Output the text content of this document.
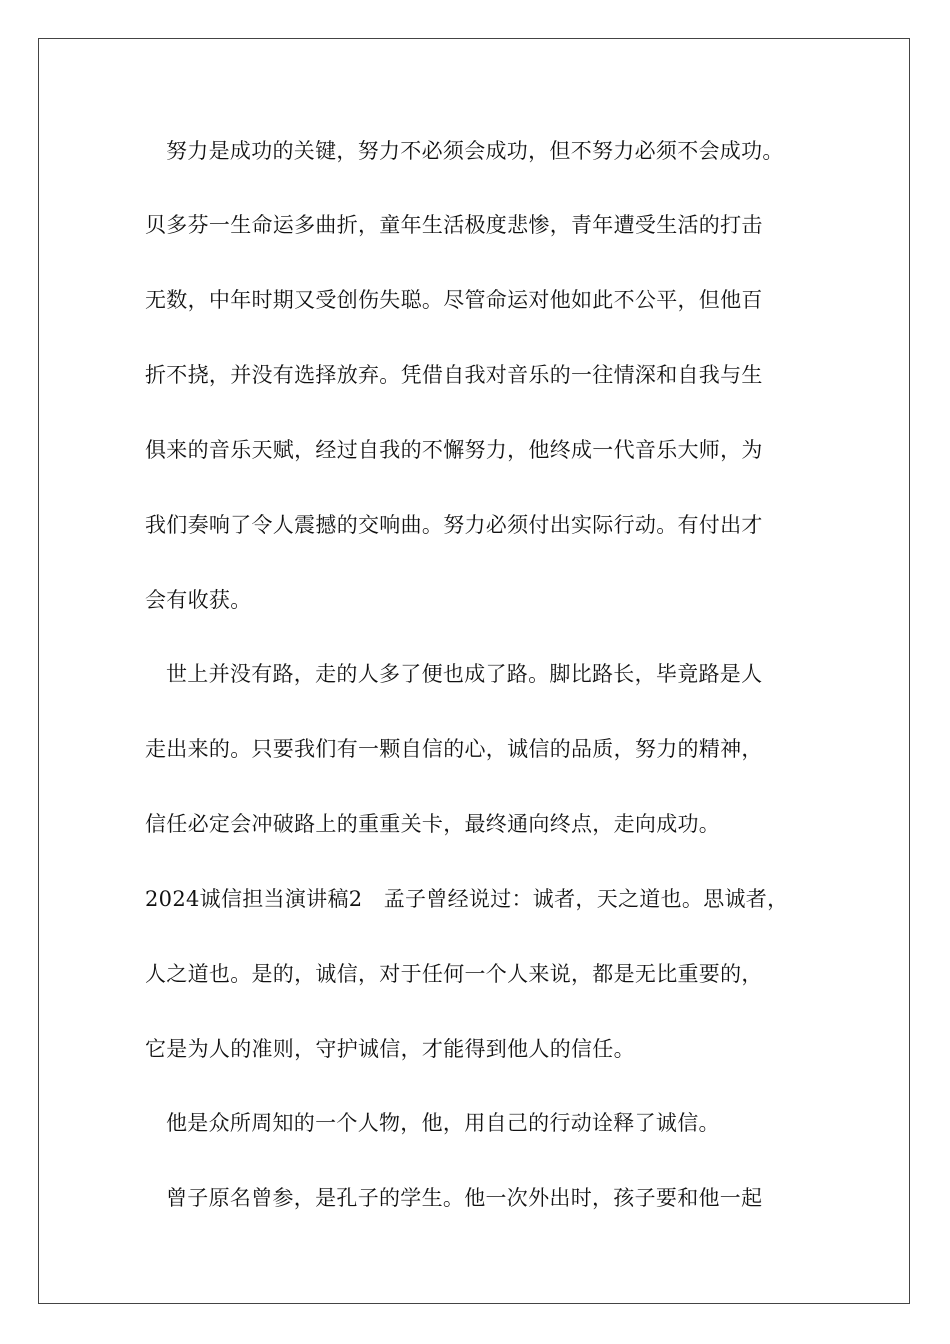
努力是成功的关键，努力不必须会成功，但不努力必须不会成功。
贝多芬一生命运多曲折，童年生活极度悲惨，青年遭受生活的打击
无数，中年时期又受创伤失聪。尽管命运对他如此不公平，但他百
折不挠，并没有选择放弃。凭借自我对音乐的一往情深和自我与生
俱来的音乐天赋，经过自我的不懈努力，他终成一代音乐大师，为
我们奏响了令人震撼的交响曲。努力必须付出实际行动。有付出才
会有收获。
世上并没有路，走的人多了便也成了路。脚比路长，毕竟路是人
走出来的。只要我们有一颗自信的心，诚信的品质，努力的精神，
信任必定会冲破路上的重重关卡，最终通向终点，走向成功。
2024诚信担当演讲稿2　孟子曾经说过：诚者，天之道也。思诚者，
人之道也。是的，诚信，对于任何一个人来说，都是无比重要的，
它是为人的准则，守护诚信，才能得到他人的信任。
他是众所周知的一个人物，他，用自己的行动诠释了诚信。
曾子原名曾参，是孔子的学生。他一次外出时，孩子要和他一起
